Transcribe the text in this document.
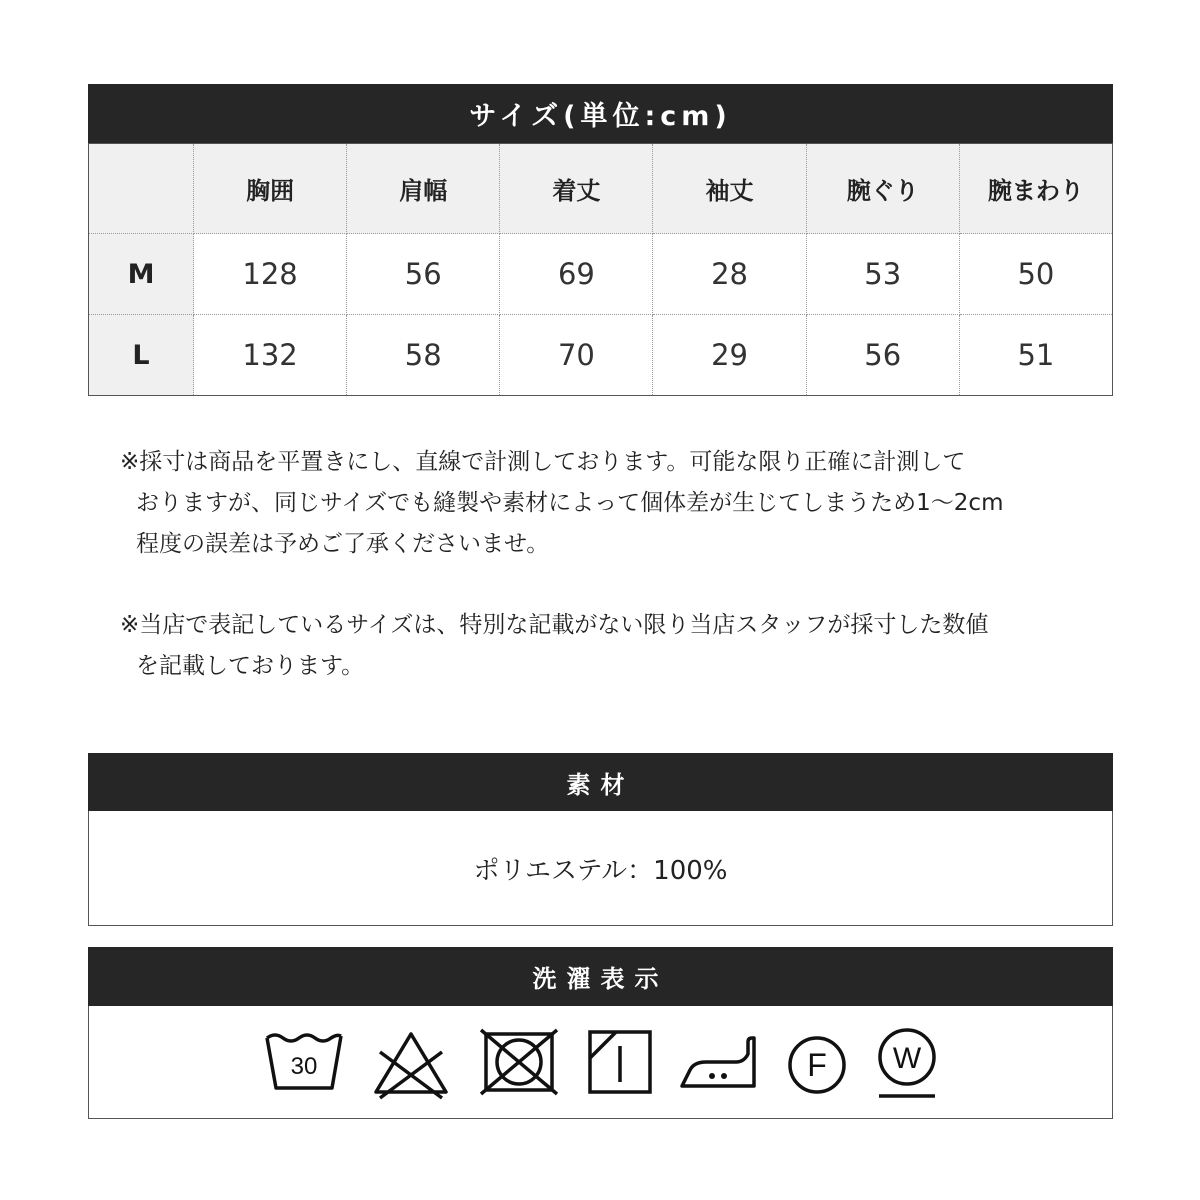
サイズ(単位:cm)
	胸囲	肩幅	着丈	袖丈	腕ぐり	腕まわり
M	128	56	69	28	53	50
L	132	58	70	29	56	51

※採寸は商品を平置きにし、直線で計測しております。可能な限り正確に計測して

おりますが、同じサイズでも縫製や素材によって個体差が生じてしまうため1～2cm

程度の誤差は予めご了承くださいませ。

※当店で表記しているサイズは、特別な記載がない限り当店スタッフが採寸した数値

を記載しております。

素材
ポリエステル：100%
洗濯表示
30	F W
